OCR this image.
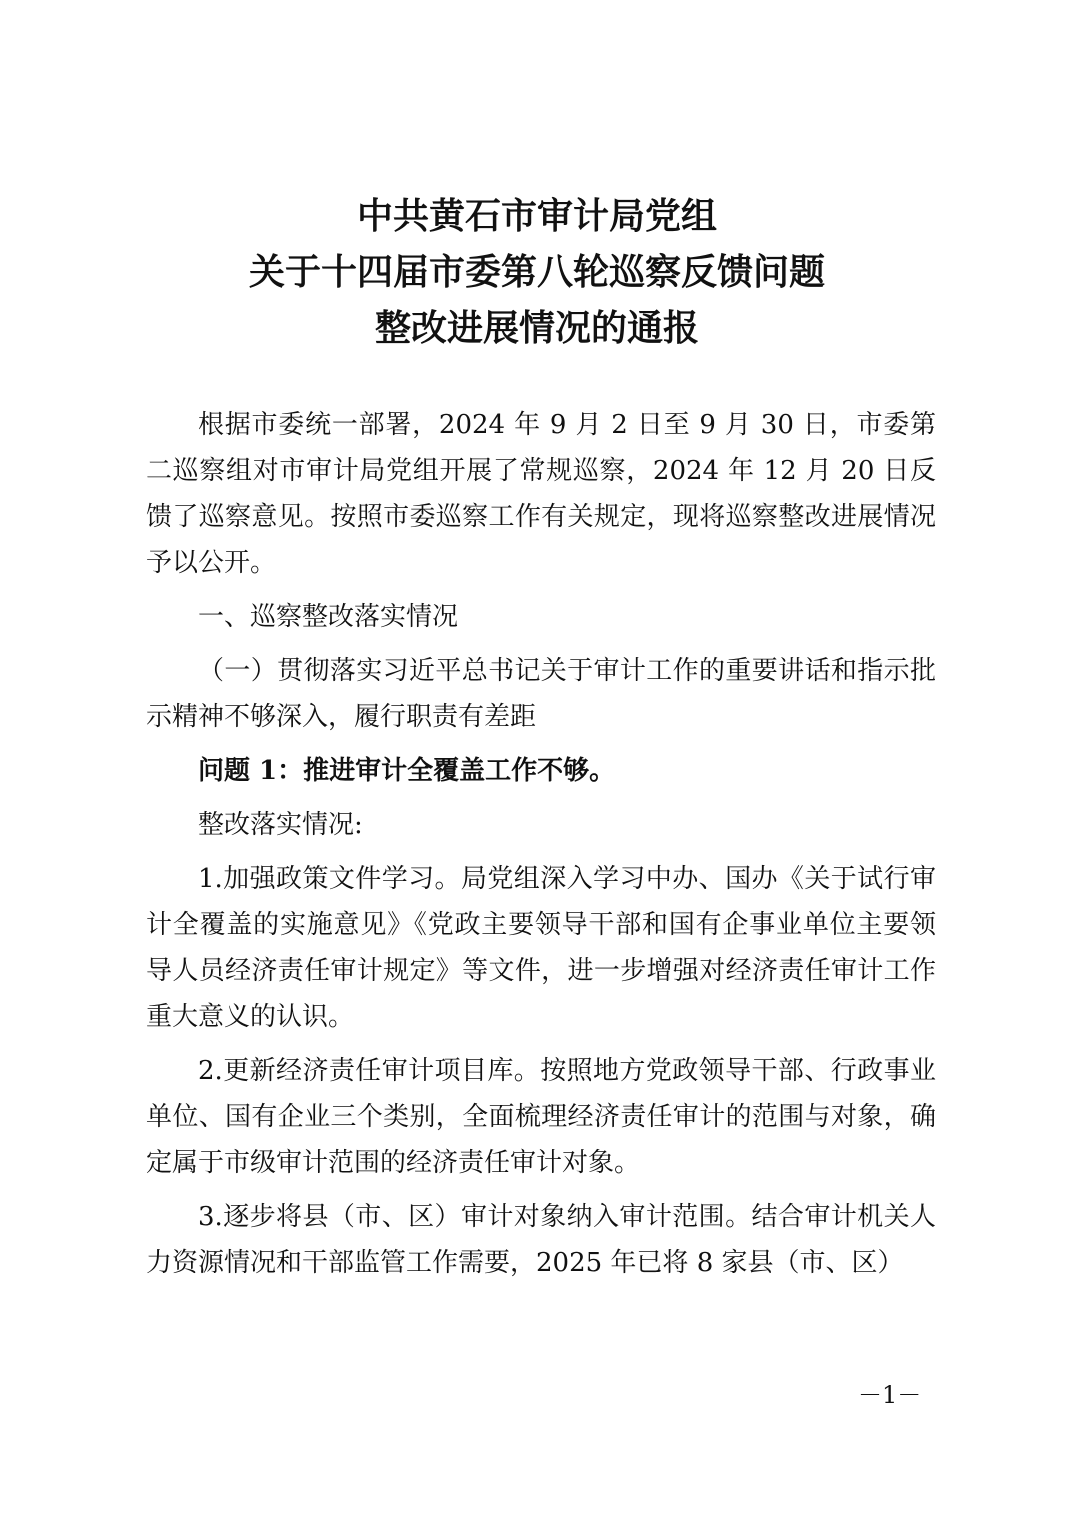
中共黄石市审计局党组
关于十四届市委第八轮巡察反馈问题
整改进展情况的通报

根据市委统一部署，2024 年 9 月 2 日至 9 月 30 日，市委第二巡察组对市审计局党组开展了常规巡察，2024 年 12 月 20 日反馈了巡察意见。按照市委巡察工作有关规定，现将巡察整改进展情况予以公开。

一、巡察整改落实情况

（一）贯彻落实习近平总书记关于审计工作的重要讲话和指示批示精神不够深入，履行职责有差距

问题 1：推进审计全覆盖工作不够。

整改落实情况:

1.加强政策文件学习。局党组深入学习中办、国办《关于试行审计全覆盖的实施意见》《党政主要领导干部和国有企事业单位主要领导人员经济责任审计规定》等文件，进一步增强对经济责任审计工作重大意义的认识。

2.更新经济责任审计项目库。按照地方党政领导干部、行政事业单位、国有企业三个类别，全面梳理经济责任审计的范围与对象，确定属于市级审计范围的经济责任审计对象。

3.逐步将县（市、区）审计对象纳入审计范围。结合审计机关人力资源情况和干部监管工作需要，2025 年已将 8 家县（市、区）

－1－
